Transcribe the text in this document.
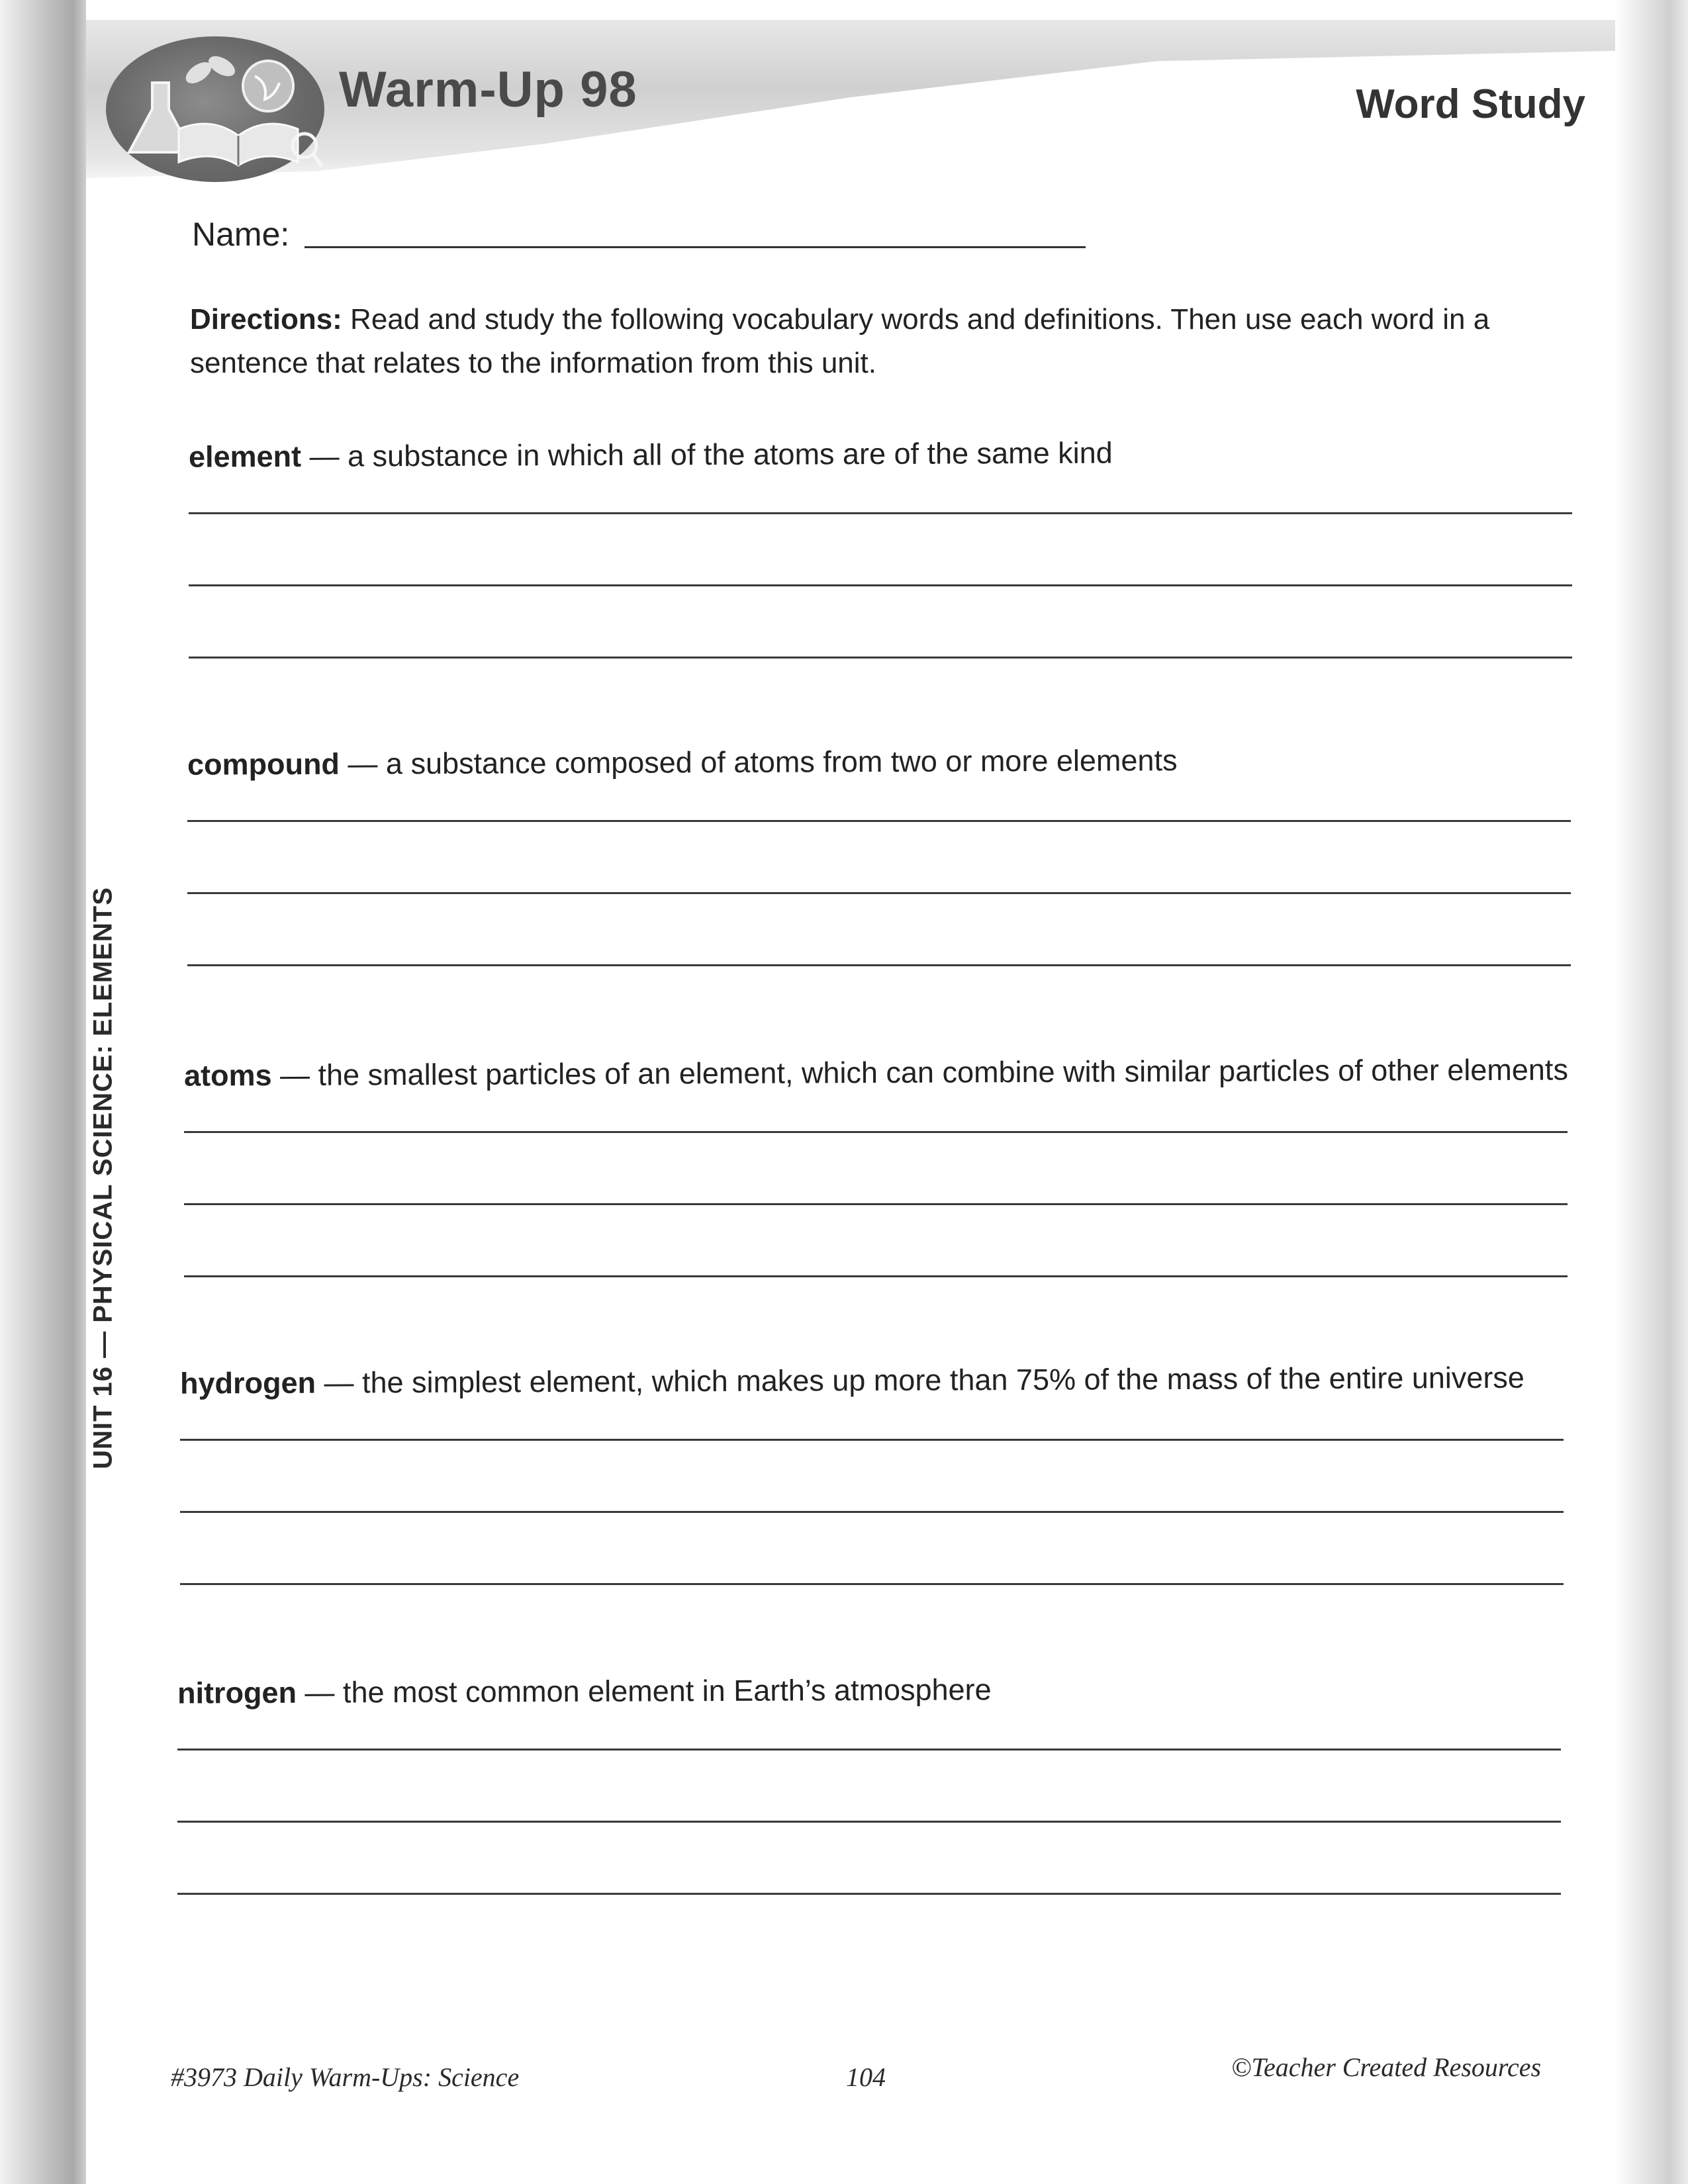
Warm-Up 98	Word Study
Name:
Directions: Read and study the following vocabulary words and definitions. Then use each word in a sentence that relates to the information from this unit.
element — a substance in which all of the atoms are of the same kind
compound — a substance composed of atoms from two or more elements
atoms — the smallest particles of an element, which can combine with similar particles of other elements
hydrogen — the simplest element, which makes up more than 75% of the mass of the entire universe
nitrogen — the most common element in Earth’s atmosphere
UNIT 16 — PHYSICAL SCIENCE: ELEMENTS
#3973 Daily Warm-Ups: Science	104	©Teacher Created Resources
